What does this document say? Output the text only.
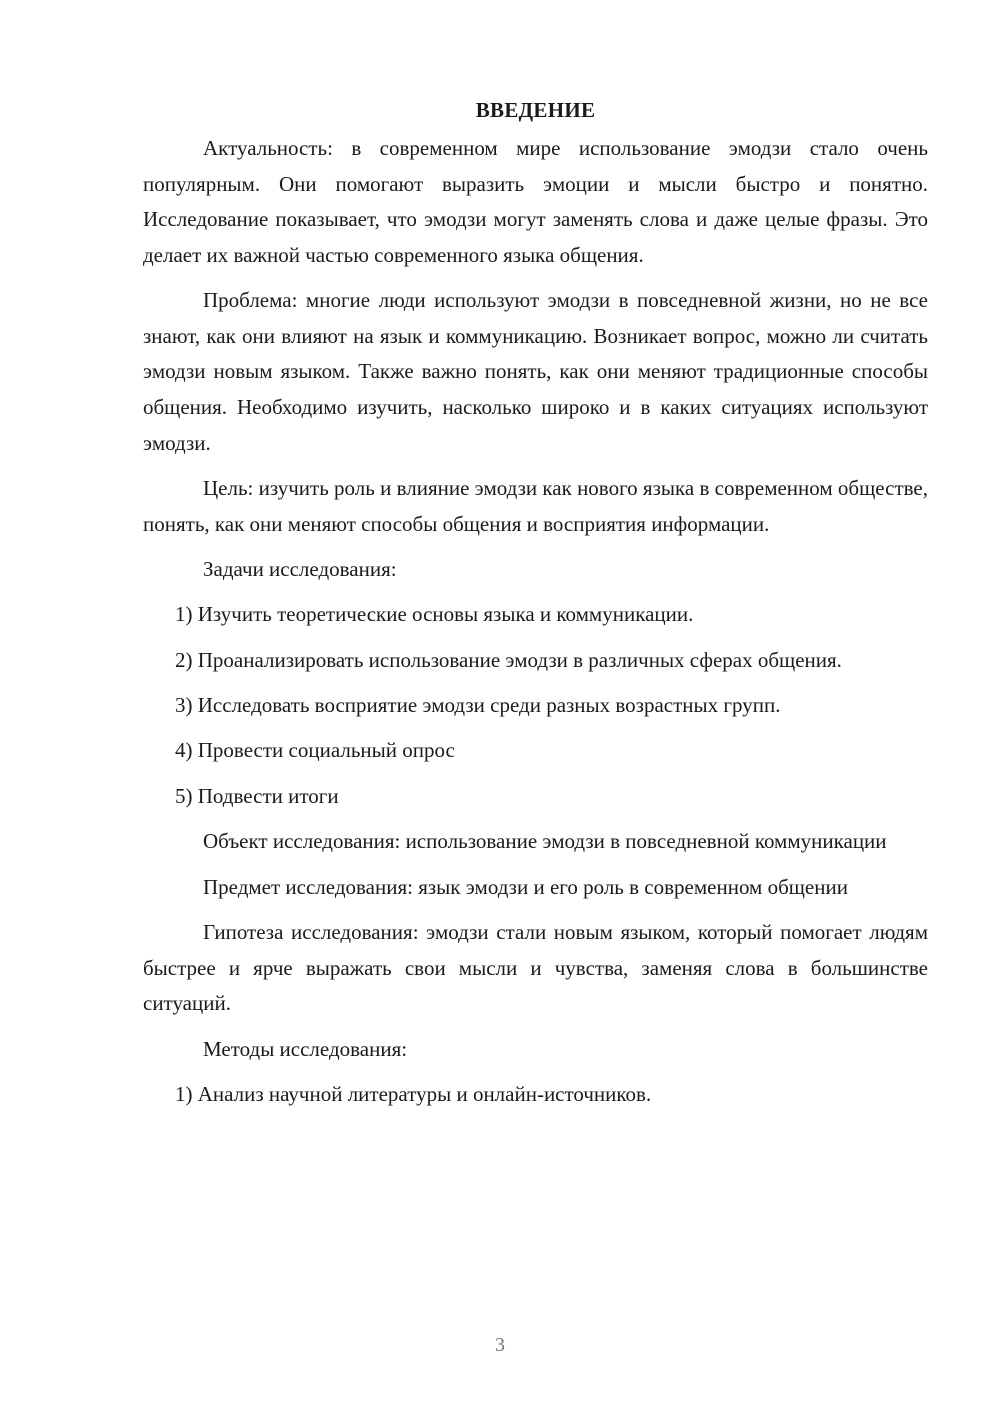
ВВЕДЕНИЕ

Актуальность: в современном мире использование эмодзи стало очень популярным. Они помогают выразить эмоции и мысли быстро и понятно. Исследование показывает, что эмодзи могут заменять слова и даже целые фразы. Это делает их важной частью современного языка общения.

Проблема: многие люди используют эмодзи в повседневной жизни, но не все знают, как они влияют на язык и коммуникацию. Возникает вопрос, можно ли считать эмодзи новым языком. Также важно понять, как они меняют традиционные способы общения. Необходимо изучить, насколько широко и в каких ситуациях используют эмодзи.

Цель: изучить роль и влияние эмодзи как нового языка в современном обществе, понять, как они меняют способы общения и восприятия информации.

Задачи исследования:

1) Изучить теоретические основы языка и коммуникации.

2) Проанализировать использование эмодзи в различных сферах общения.

3) Исследовать восприятие эмодзи среди разных возрастных групп.

4) Провести социальный опрос

5) Подвести итоги

Объект исследования: использование эмодзи в повседневной коммуникации

Предмет исследования: язык эмодзи и его роль в современном общении

Гипотеза исследования: эмодзи стали новым языком, который помогает людям быстрее и ярче выражать свои мысли и чувства, заменяя слова в большинстве ситуаций.

Методы исследования:

1) Анализ научной литературы и онлайн-источников.

3
